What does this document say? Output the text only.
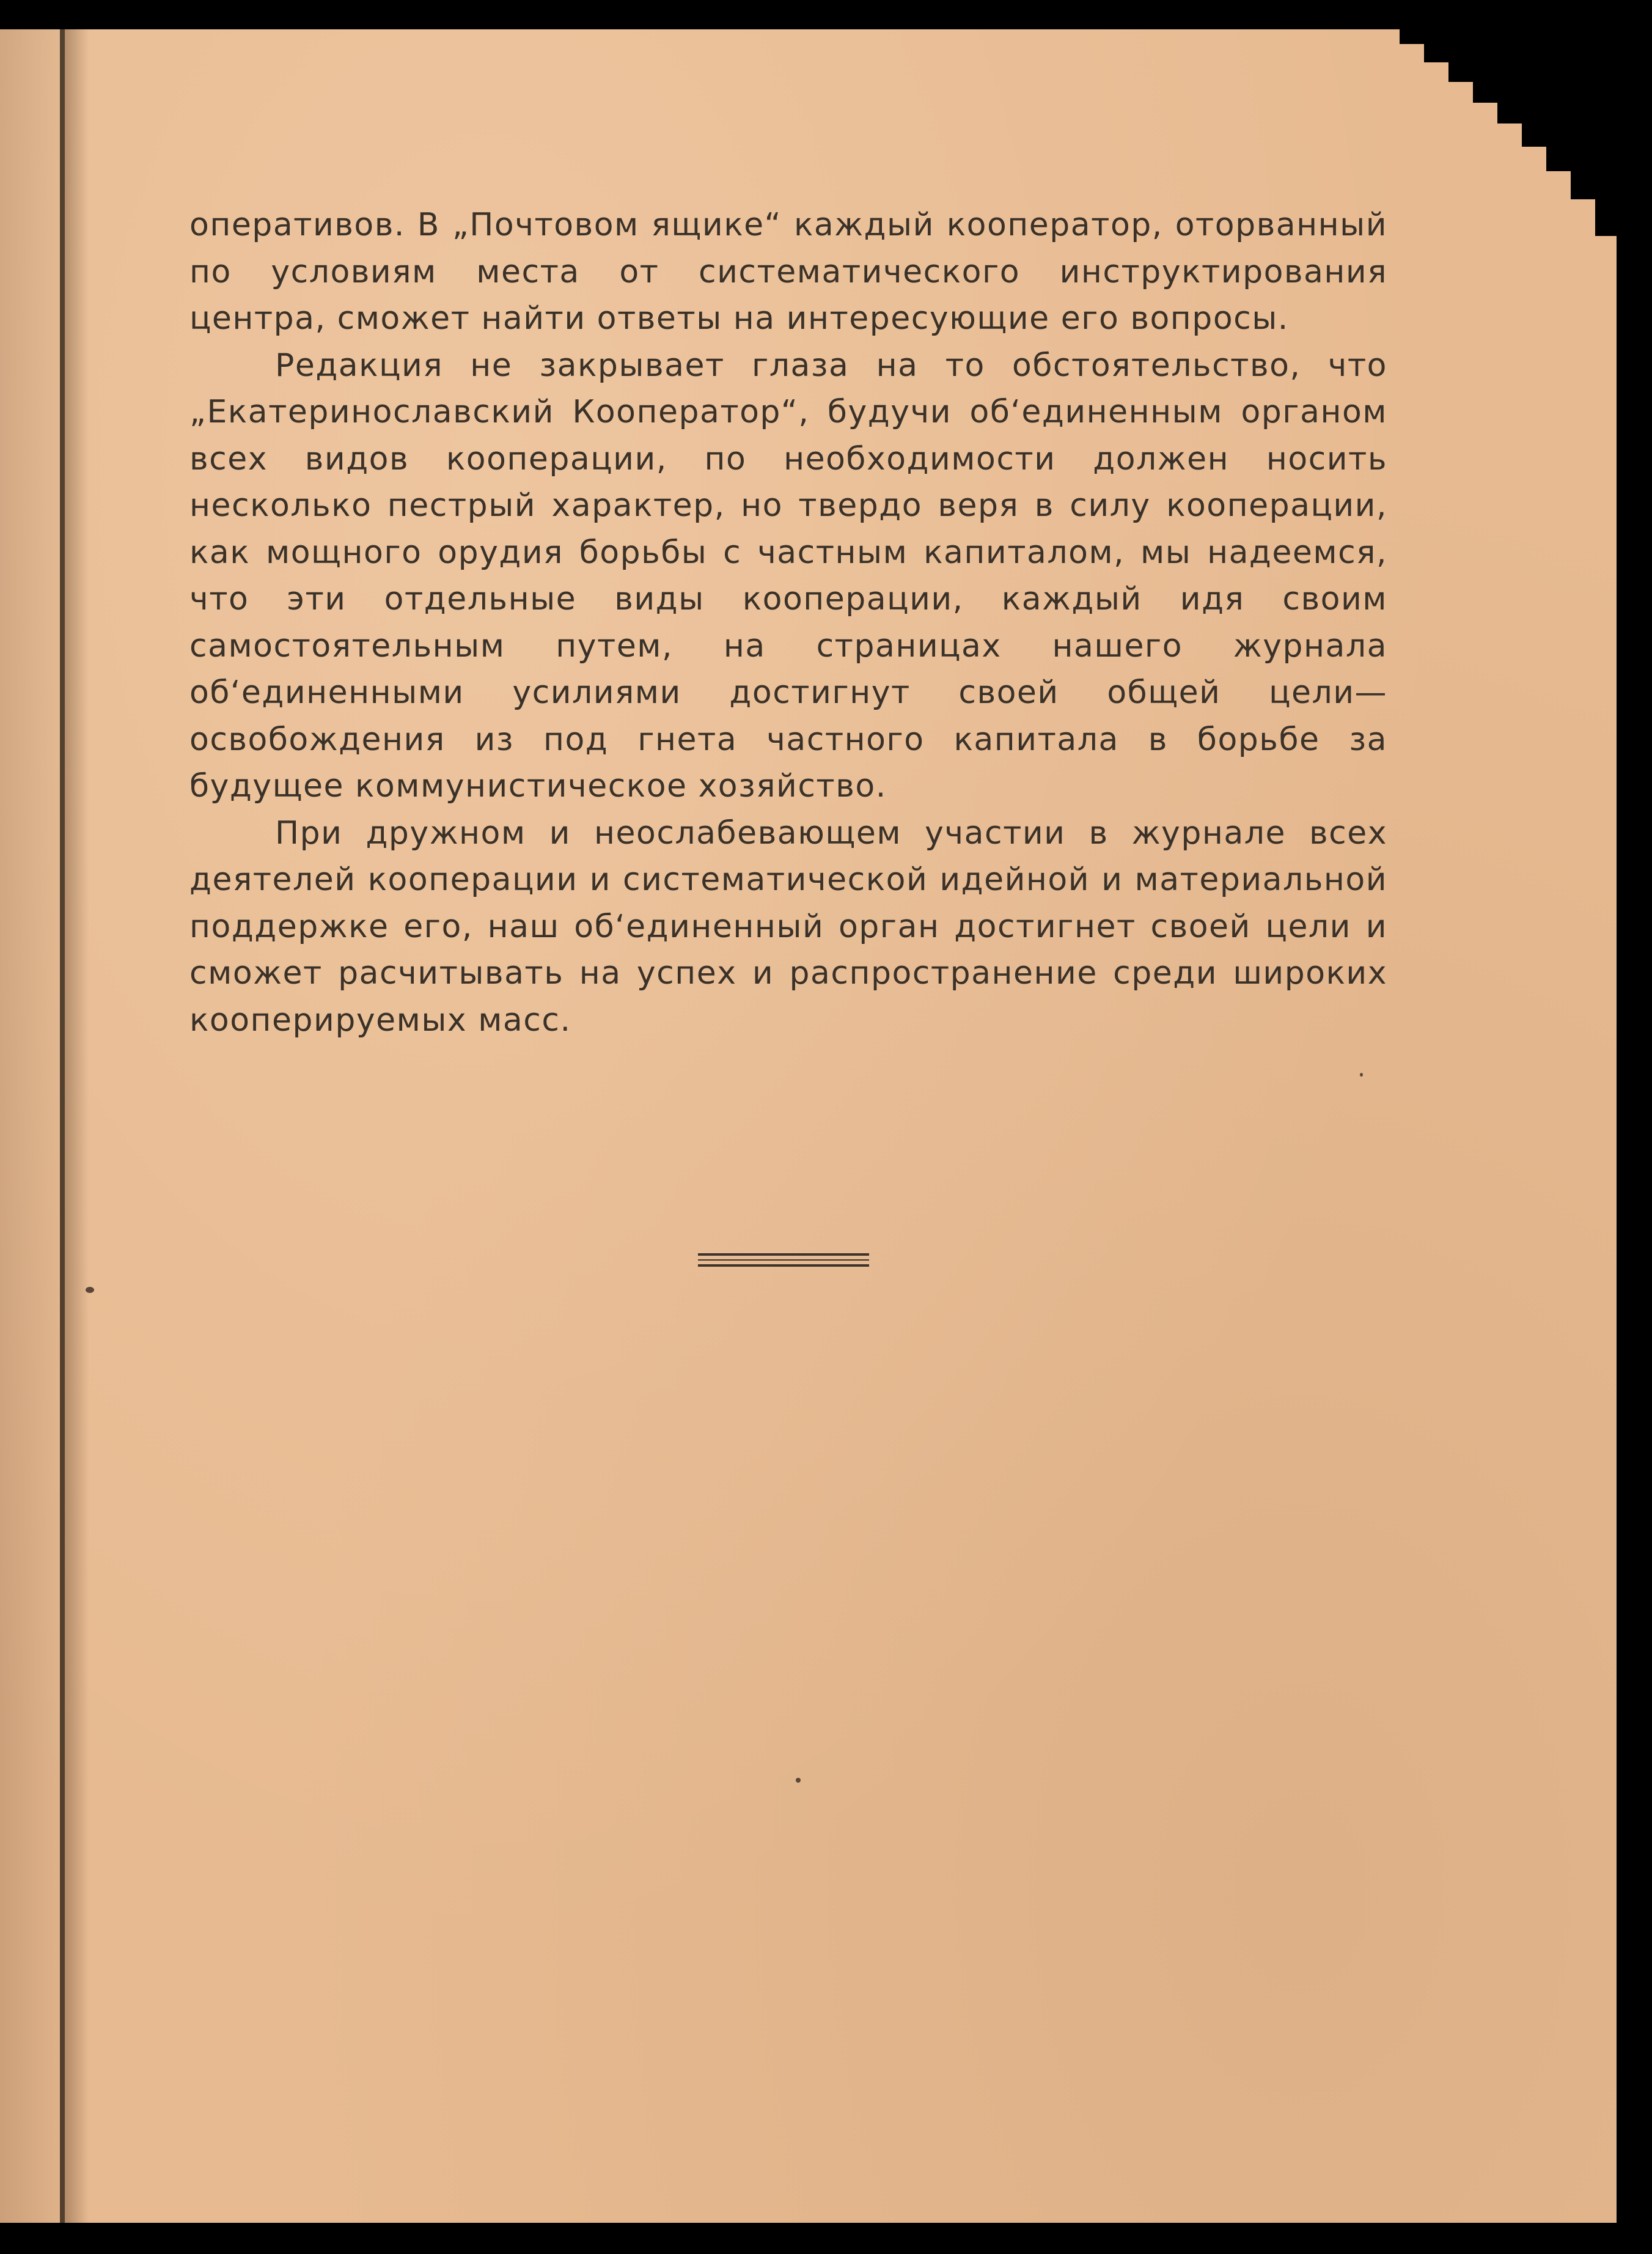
оперативов. В „Почтовом ящике“ каждый кооператор, оторванный по условиям места от систематического инструктирования центра, сможет найти ответы на интересующие его вопросы.

Редакция не закрывает глаза на то обстоятельство, что „Екатеринославский Кооператор“, будучи об‘единенным органом всех видов кооперации, по необходимости должен носить несколько пестрый характер, но твердо веря в силу кооперации, как мощного орудия борьбы с частным капиталом, мы надеемся, что эти отдельные виды кооперации, каждый идя своим самостоятельным путем, на страницах нашего журнала об‘единенными усилиями достигнут своей общей цели— освобождения из под гнета частного капитала в борьбе за будущее коммунистическое хозяйство.

При дружном и неослабевающем участии в журнале всех деятелей кооперации и систематической идейной и материальной поддержке его, наш об‘единенный орган достигнет своей цели и сможет расчитывать на успех и распространение среди широких кооперируемых масс.
